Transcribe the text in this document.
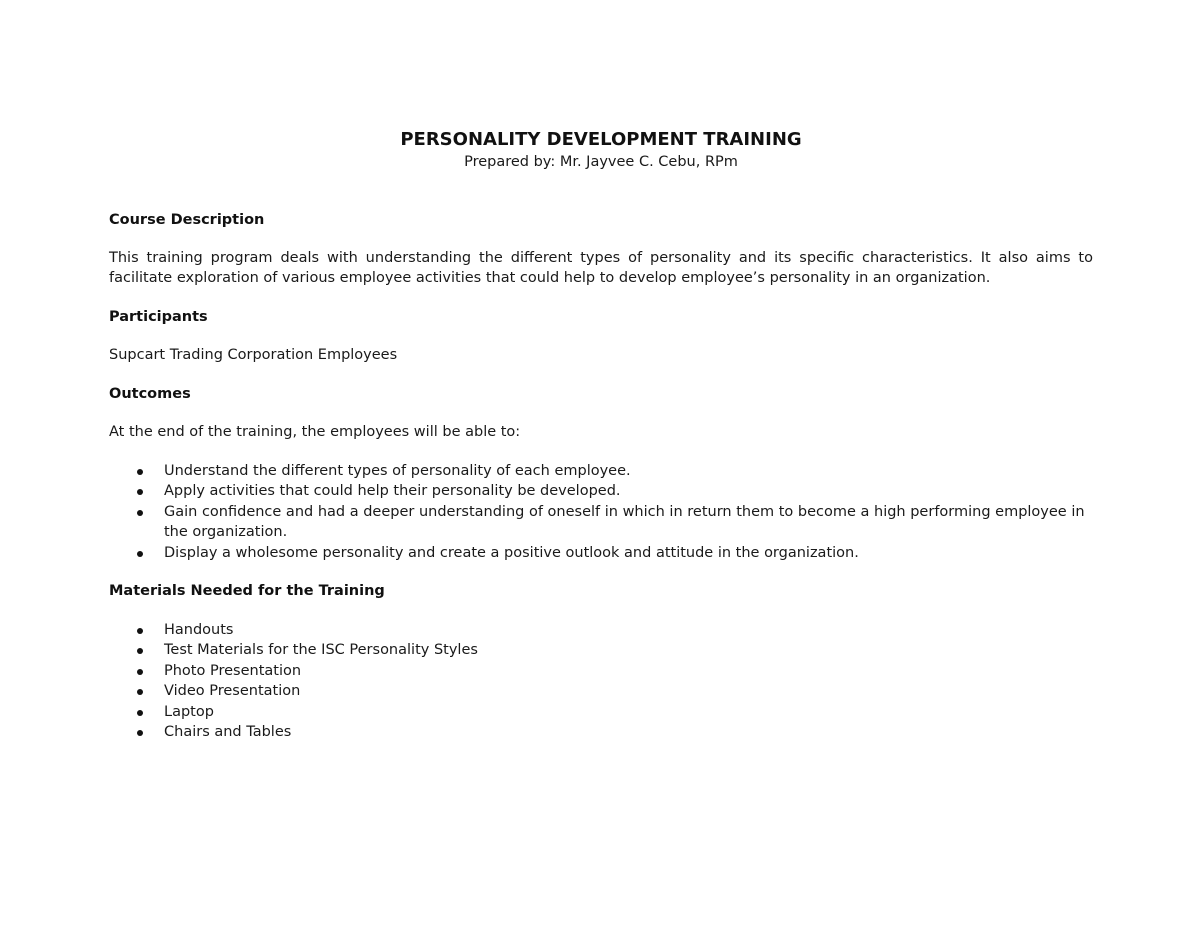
PERSONALITY DEVELOPMENT TRAINING

Prepared by: Mr. Jayvee C. Cebu, RPm

Course Description

This training program deals with understanding the different types of personality and its specific characteristics. It also aims to facilitate exploration of various employee activities that could help to develop employee’s personality in an organization.

Participants

Supcart Trading Corporation Employees

Outcomes

At the end of the training, the employees will be able to:

Understand the different types of personality of each employee.
Apply activities that could help their personality be developed.
Gain confidence and had a deeper understanding of oneself in which in return them to become a high performing employee in the organization.
Display a wholesome personality and create a positive outlook and attitude in the organization.
Materials Needed for the Training
Handouts
Test Materials for the ISC Personality Styles
Photo Presentation
Video Presentation
Laptop
Chairs and Tables
